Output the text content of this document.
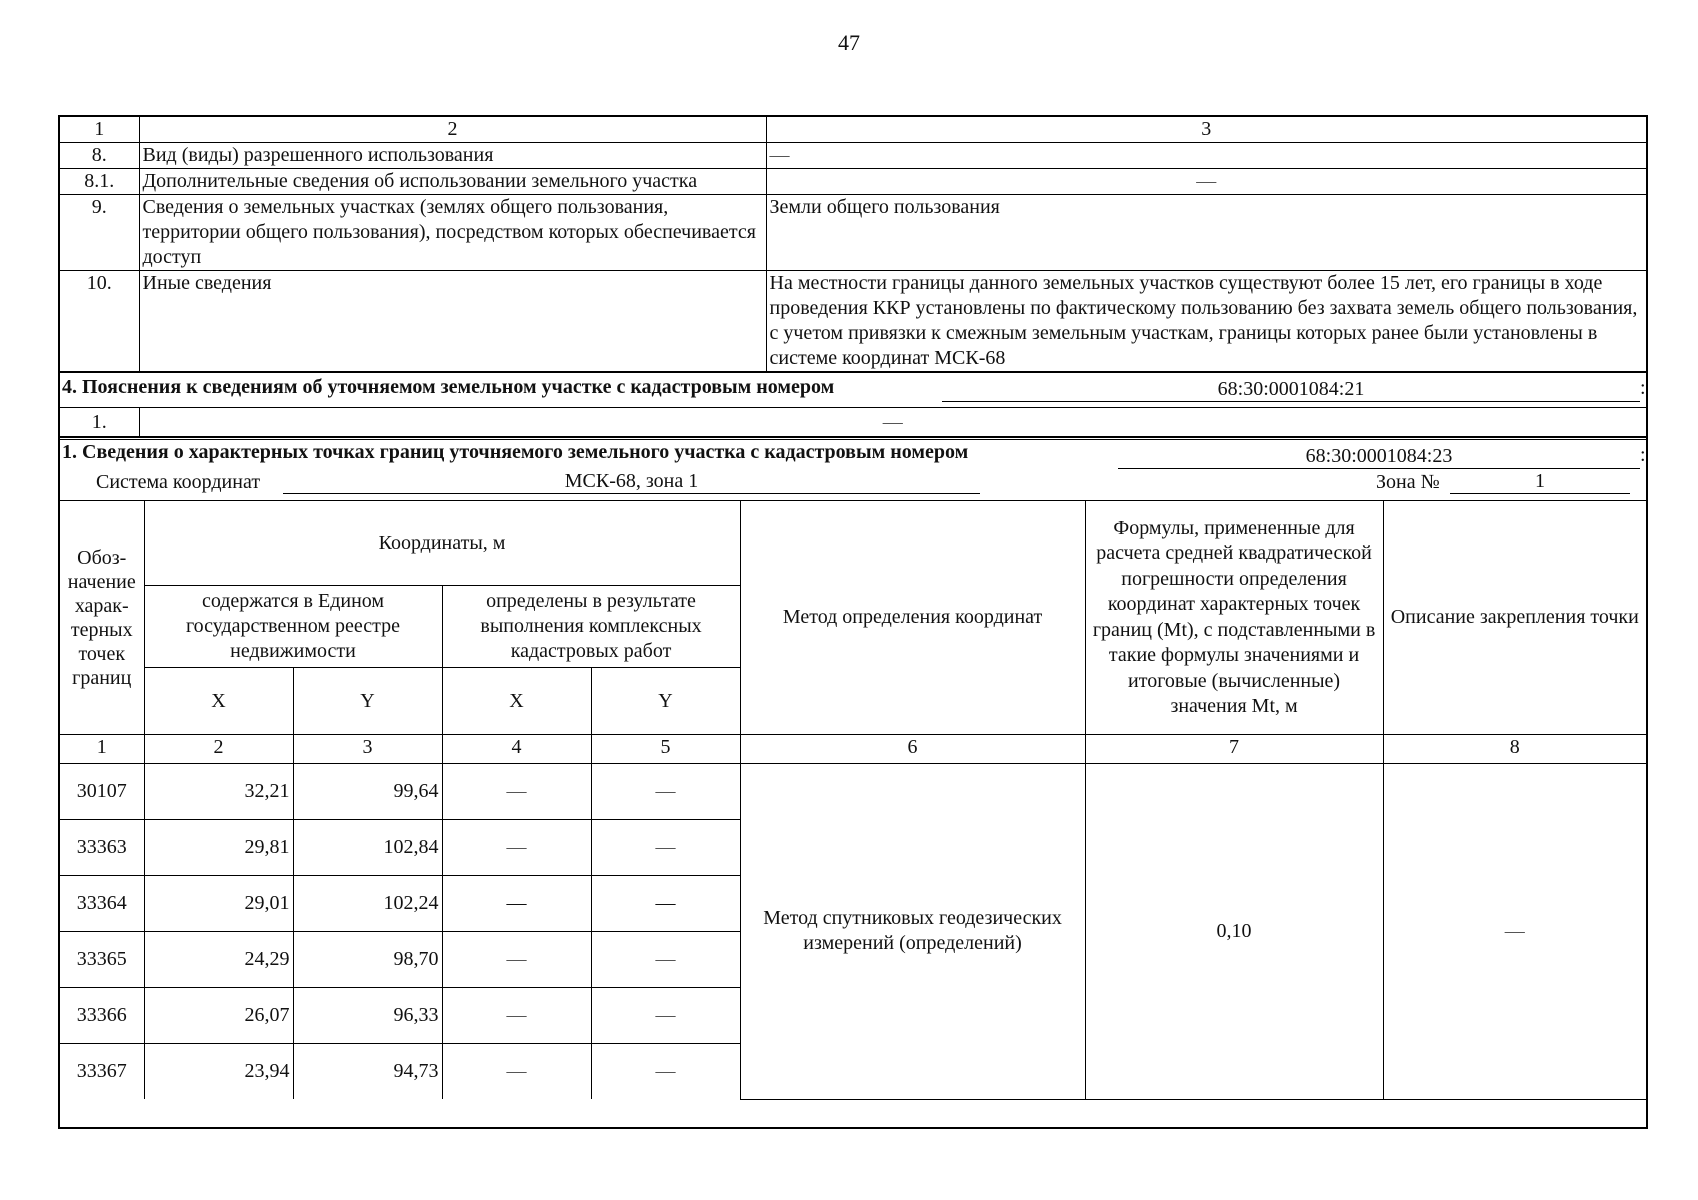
47
1	2	3
8.	Вид (виды) разрешенного использования	—
8.1.	Дополнительные сведения об использовании земельного участка	—
9.	Сведения о земельных участках (землях общего пользования, территории общего пользования), посредством которых обеспечивается доступ	Земли общего пользования
10.	Иные сведения	На местности границы данного земельных участков существуют более 15 лет, его границы в ходе проведения ККР установлены по фактическому пользованию без захвата земель общего пользования, с учетом привязки к смежным земельным участкам, границы которых ранее были установлены в системе координат МСК-68
4. Пояснения к сведениям об уточняемом земельном участке с кадастровым номером	68:30:0001084:21	:
1.	—
1. Сведения о характерных точках границ уточняемого земельного участка с кадастровым номером	68:30:0001084:23	:
Система координат	МСК-68, зона 1	Зона №	1
Обоз- начение харак- терных точек границ	Координаты, м				Метод определения координат	Формулы, примененные для расчета средней квадратической погрешности определения координат характерных точек границ (Mt), с подставленными в такие формулы значениями и итоговые (вычисленные) значения Mt, м	Описание закрепления точки
	содержатся в Едином государственном реестре недвижимости		определены в результате выполнения комплексных кадастровых работ				
	X	Y	X	Y			
1	2	3	4	5	6	7	8
30107	32,21	99,64	—	—	Метод спутниковых геодезических измерений (определений)	0,10	—
33363	29,81	102,84	—	—			
33364	29,01	102,24	—	—			
33365	24,29	98,70	—	—			
33366	26,07	96,33	—	—			
33367	23,94	94,73	—	—			
